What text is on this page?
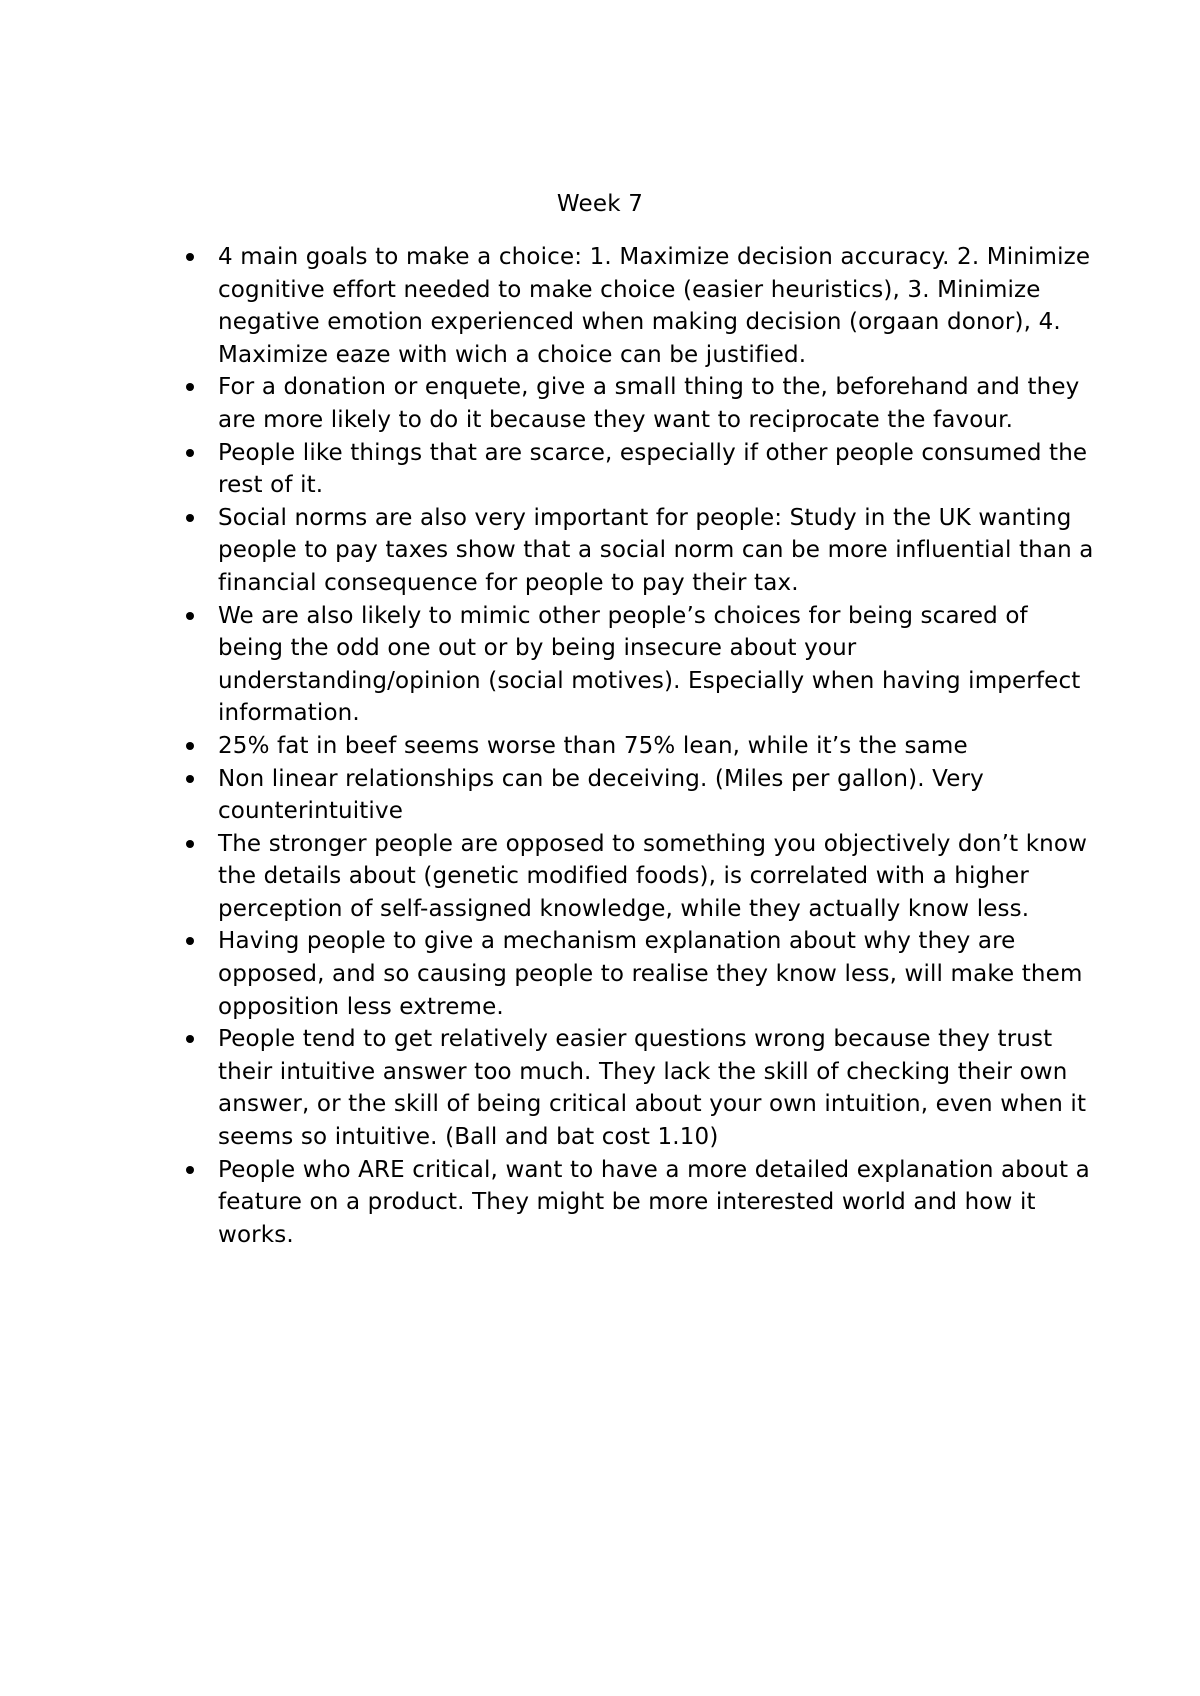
Week 7
4 main goals to make a choice: 1. Maximize decision accuracy. 2. Minimize cognitive effort needed to make choice (easier heuristics), 3. Minimize negative emotion experienced when making decision (orgaan donor), 4. Maximize eaze with wich a choice can be justified.
For a donation or enquete, give a small thing to the, beforehand and they are more likely to do it because they want to reciprocate the favour.
People like things that are scarce, especially if other people consumed the rest of it.
Social norms are also very important for people: Study in the UK wanting people to pay taxes show that a social norm can be more influential than a financial consequence for people to pay their tax.
We are also likely to mimic other people’s choices for being scared of being the odd one out or by being insecure about your understanding/opinion (social motives). Especially when having imperfect information.
25% fat in beef seems worse than 75% lean, while it’s the same
Non linear relationships can be deceiving. (Miles per gallon). Very counterintuitive
The stronger people are opposed to something you objectively don’t know the details about (genetic modified foods), is correlated with a higher perception of self-assigned knowledge, while they actually know less.
Having people to give a mechanism explanation about why they are opposed, and so causing people to realise they know less, will make them opposition less extreme.
People tend to get relatively easier questions wrong because they trust their intuitive answer too much. They lack the skill of checking their own answer, or the skill of being critical about your own intuition, even when it seems so intuitive. (Ball and bat cost 1.10)
People who ARE critical, want to have a more detailed explanation about a feature on a product. They might be more interested world and how it works.
